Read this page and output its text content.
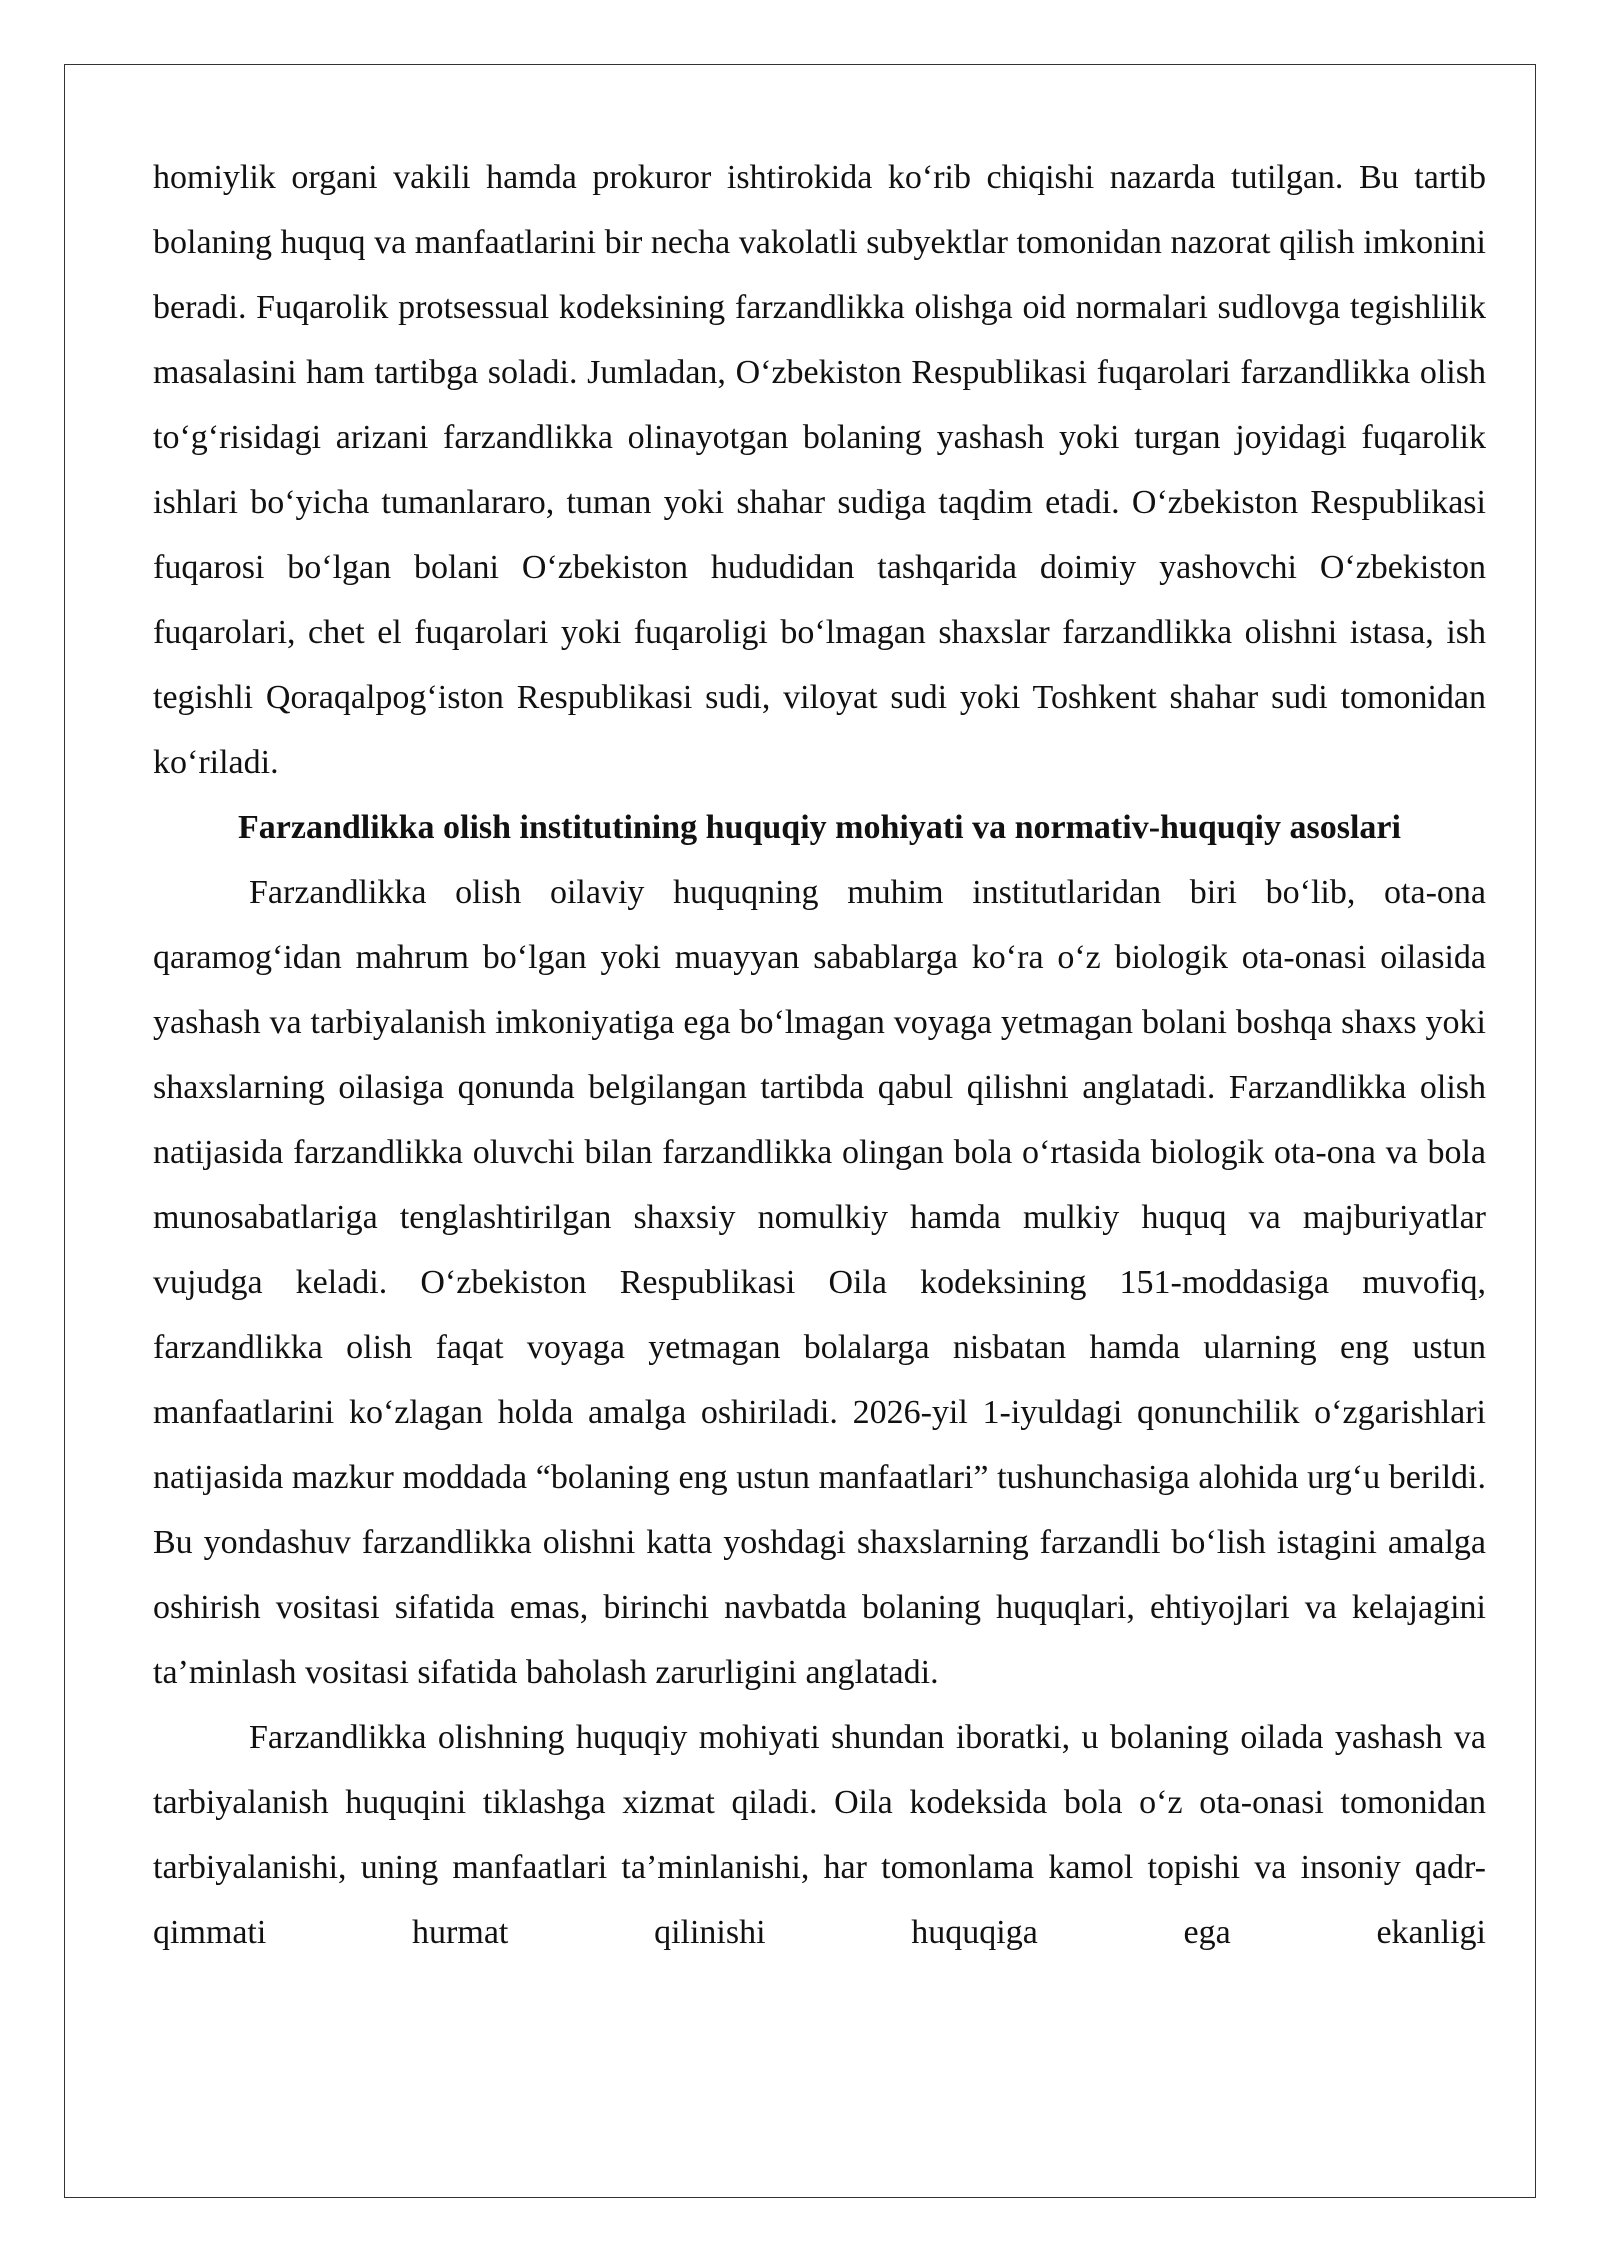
homiylik organi vakili hamda prokuror ishtirokida ko‘rib chiqishi nazarda tutilgan. Bu tartib bolaning huquq va manfaatlarini bir necha vakolatli subyektlar tomonidan nazorat qilish imkonini beradi. Fuqarolik protsessual kodeksining farzandlikka olishga oid normalari sudlovga tegishlilik masalasini ham tartibga soladi. Jumladan, O‘zbekiston Respublikasi fuqarolari farzandlikka olish to‘g‘risidagi arizani farzandlikka olinayotgan bolaning yashash yoki turgan joyidagi fuqarolik ishlari bo‘yicha tumanlararo, tuman yoki shahar sudiga taqdim etadi. O‘zbekiston Respublikasi fuqarosi bo‘lgan bolani O‘zbekiston hududidan tashqarida doimiy yashovchi O‘zbekiston fuqarolari, chet el fuqarolari yoki fuqaroligi bo‘lmagan shaxslar farzandlikka olishni istasa, ish tegishli Qoraqalpog‘iston Respublikasi sudi, viloyat sudi yoki Toshkent shahar sudi tomonidan ko‘riladi.

Farzandlikka olish institutining huquqiy mohiyati va normativ-huquqiy asoslari

Farzandlikka olish oilaviy huquqning muhim institutlaridan biri bo‘lib, ota-ona qaramog‘idan mahrum bo‘lgan yoki muayyan sabablarga ko‘ra o‘z biologik ota-onasi oilasida yashash va tarbiyalanish imkoniyatiga ega bo‘lmagan voyaga yetmagan bolani boshqa shaxs yoki shaxslarning oilasiga qonunda belgilangan tartibda qabul qilishni anglatadi. Farzandlikka olish natijasida farzandlikka oluvchi bilan farzandlikka olingan bola o‘rtasida biologik ota-ona va bola munosabatlariga tenglashtirilgan shaxsiy nomulkiy hamda mulkiy huquq va majburiyatlar vujudga keladi. O‘zbekiston Respublikasi Oila kodeksining 151-moddasiga muvofiq, farzandlikka olish faqat voyaga yetmagan bolalarga nisbatan hamda ularning eng ustun manfaatlarini ko‘zlagan holda amalga oshiriladi. 2026-yil 1-iyuldagi qonunchilik o‘zgarishlari natijasida mazkur moddada “bolaning eng ustun manfaatlari” tushunchasiga alohida urg‘u berildi. Bu yondashuv farzandlikka olishni katta yoshdagi shaxslarning farzandli bo‘lish istagini amalga oshirish vositasi sifatida emas, birinchi navbatda bolaning huquqlari, ehtiyojlari va kelajagini ta’minlash vositasi sifatida baholash zarurligini anglatadi.

Farzandlikka olishning huquqiy mohiyati shundan iboratki, u bolaning oilada yashash va tarbiyalanish huquqini tiklashga xizmat qiladi. Oila kodeksida bola o‘z ota-onasi tomonidan tarbiyalanishi, uning manfaatlari ta’minlanishi, har tomonlama kamol topishi va insoniy qadr-qimmati hurmat qilinishi huquqiga ega ekanligi
